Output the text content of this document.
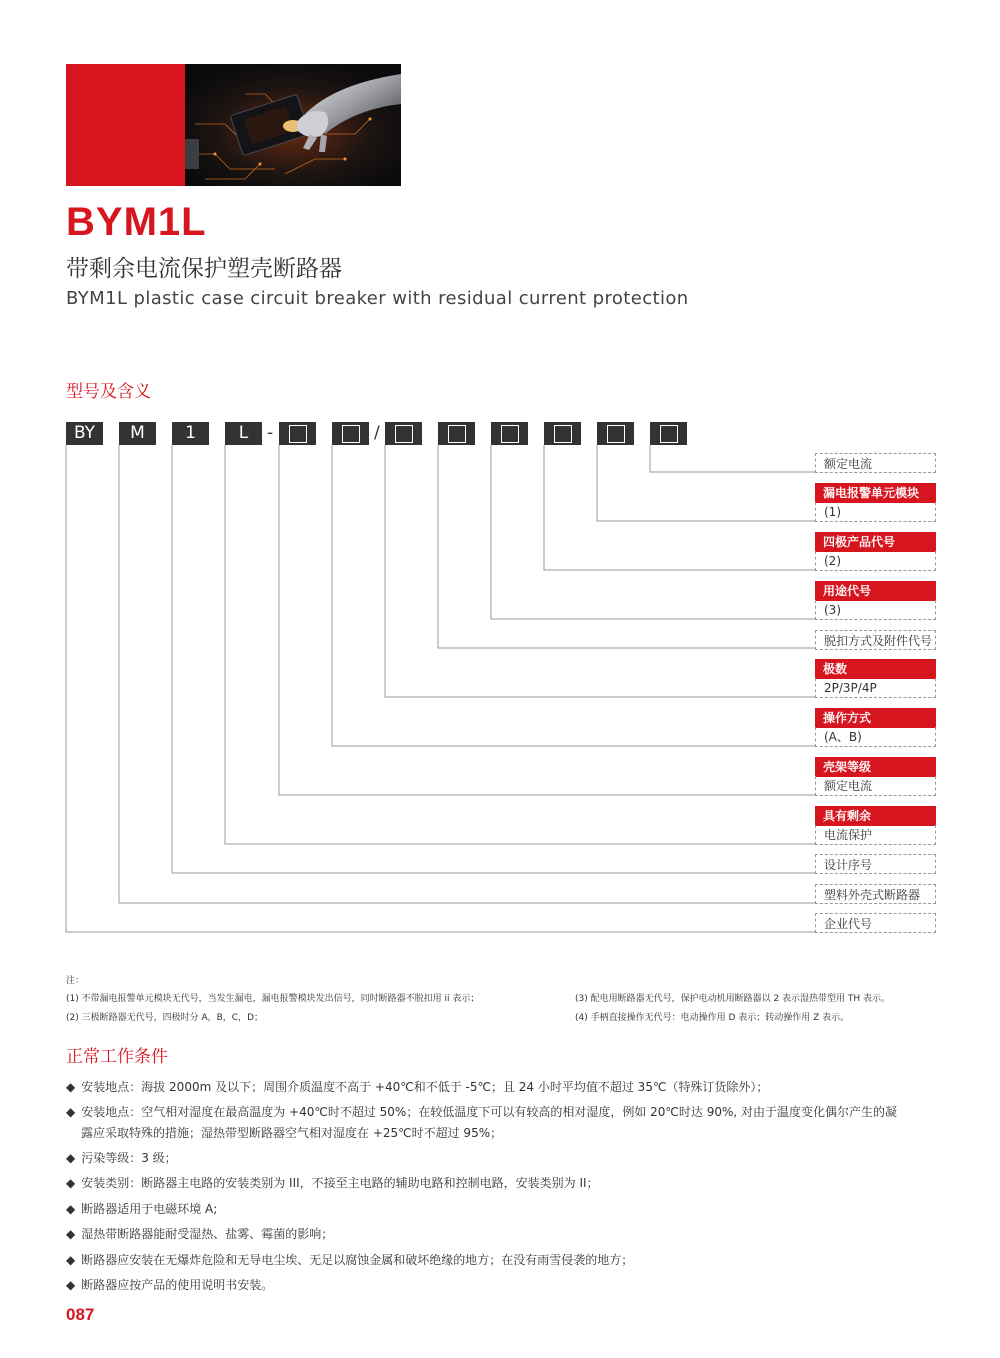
BYM1L
带剩余电流保护塑壳断路器
BYM1L plastic case circuit breaker with residual current protection
型号及含义
BY	M	1	L	-	/
额定电流
漏电报警单元模块
(1)
四极产品代号
(2)
用途代号
(3)
脱扣方式及附件代号
极数
2P/3P/4P
操作方式
(A、B)
壳架等级
额定电流
具有剩余
电流保护
设计序号
塑料外壳式断路器
企业代号
注：
(1) 不带漏电报警单元模块无代号，当发生漏电，漏电报警模块发出信号，同时断路器不脱扣用 ii 表示；
(2) 三极断路器无代号，四极时分 A，B，C，D；
(3) 配电用断路器无代号，保护电动机用断路器以 2 表示湿热带型用 TH 表示。
(4) 手柄直接操作无代号：电动操作用 D 表示；转动操作用 Z 表示。
正常工作条件
◆ 安装地点：海拔 2000m 及以下；周围介质温度不高于 +40℃和不低于 -5℃；且 24 小时平均值不超过 35℃（特殊订货除外）；
◆ 安装地点：空气相对湿度在最高温度为 +40℃时不超过 50%；在较低温度下可以有较高的相对湿度，例如 20℃时达 90%, 对由于温度变化偶尔产生的凝
露应采取特殊的措施；湿热带型断路器空气相对湿度在 +25℃时不超过 95%；
◆ 污染等级：3 级；
◆ 安装类别：断路器主电路的安装类别为 III，不接至主电路的辅助电路和控制电路，安装类别为 II；
◆ 断路器适用于电磁环境 A;
◆ 湿热带断路器能耐受湿热、盐雾、霉菌的影响；
◆ 断路器应安装在无爆炸危险和无导电尘埃、无足以腐蚀金属和破坏绝缘的地方；在没有雨雪侵袭的地方；
◆ 断路器应按产品的使用说明书安装。
087
